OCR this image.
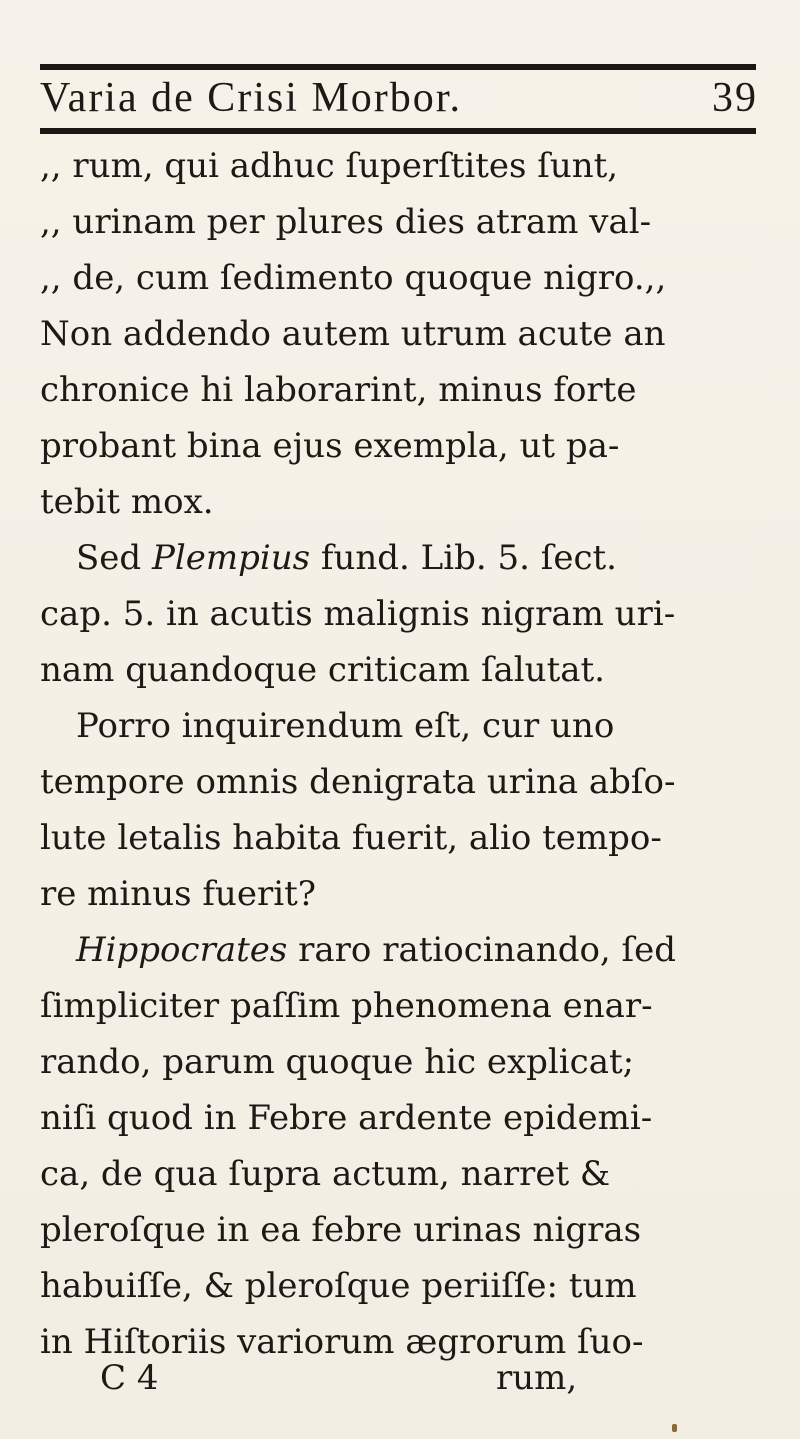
Varia de Crisi Morbor.	39
,, rum, qui adhuc ſuperſtites ſunt,
,, urinam per plures dies atram val-
,, de, cum ſedimento quoque nigro.,,
Non addendo autem utrum acute an
chronice hi laborarint, minus forte
probant bina ejus exempla, ut pa-
tebit mox.
Sed Plempius fund. Lib. 5. ſect.
cap. 5. in acutis malignis nigram uri-
nam quandoque criticam ſalutat.
Porro inquirendum eſt, cur uno
tempore omnis denigrata urina abſo-
lute letalis habita fuerit, alio tempo-
re minus fuerit?
Hippocrates raro ratiocinando, ſed
ſimpliciter paſſim phenomena enar-
rando, parum quoque hic explicat;
niſi quod in Febre ardente epidemi-
ca, de qua ſupra actum, narret &
pleroſque in ea febre urinas nigras
habuiſſe, & pleroſque periiſſe: tum
in Hiſtoriis variorum ægrorum ſuo-
C 4	rum,
